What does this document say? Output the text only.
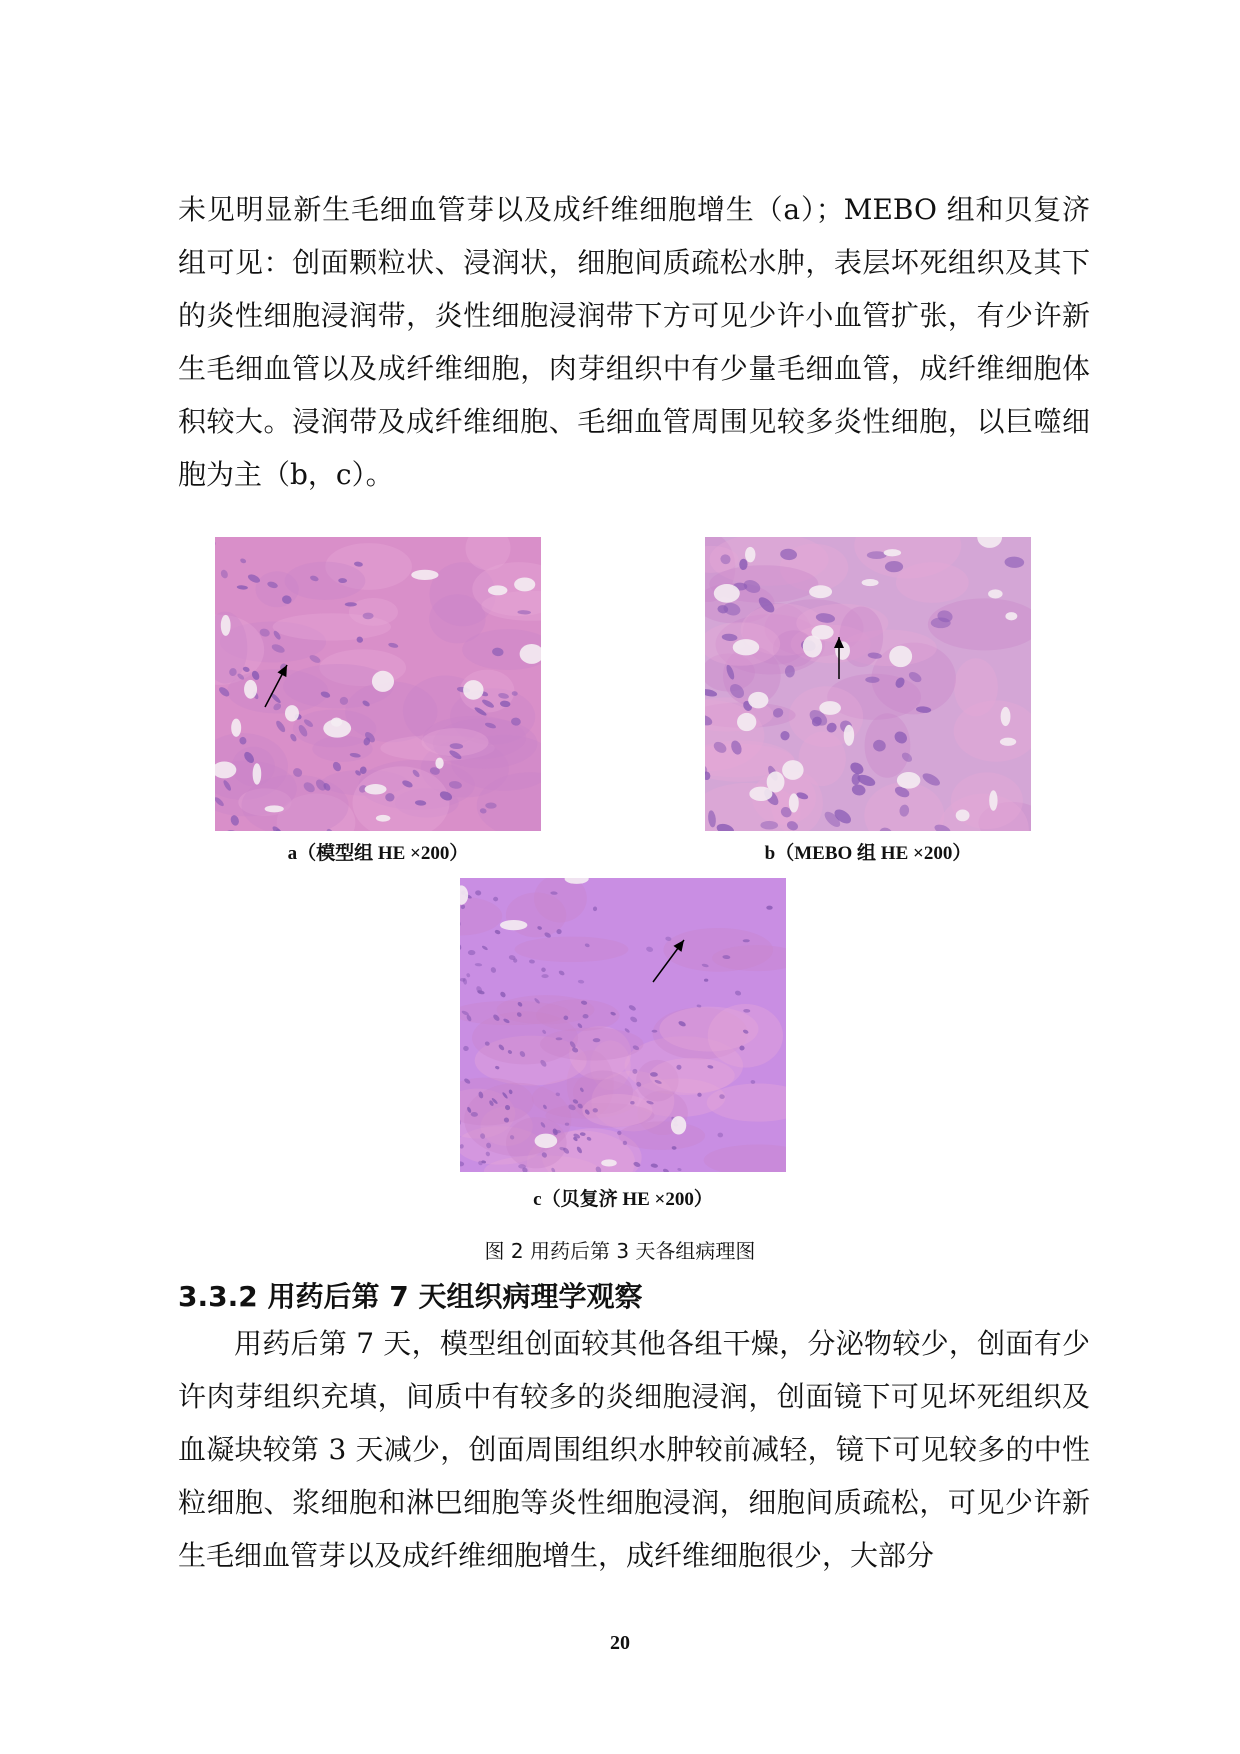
未见明显新生毛细血管芽以及成纤维细胞增生（a）；MEBO 组和贝复济组可见：创面颗粒状、浸润状，细胞间质疏松水肿，表层坏死组织及其下的炎性细胞浸润带，炎性细胞浸润带下方可见少许小血管扩张，有少许新生毛细血管以及成纤维细胞，肉芽组织中有少量毛细血管，成纤维细胞体积较大。浸润带及成纤维细胞、毛细血管周围见较多炎性细胞，以巨噬细胞为主（b，c）。

a（模型组 HE ×200）	b（MEBO 组 HE ×200）
c（贝复济 HE ×200）
图 2 用药后第 3 天各组病理图
3.3.2 用药后第 7 天组织病理学观察

用药后第 7 天，模型组创面较其他各组干燥，分泌物较少，创面有少许肉芽组织充填，间质中有较多的炎细胞浸润，创面镜下可见坏死组织及血凝块较第 3 天减少，创面周围组织水肿较前减轻，镜下可见较多的中性粒细胞、浆细胞和淋巴细胞等炎性细胞浸润，细胞间质疏松，可见少许新生毛细血管芽以及成纤维细胞增生，成纤维细胞很少，大部分

20
